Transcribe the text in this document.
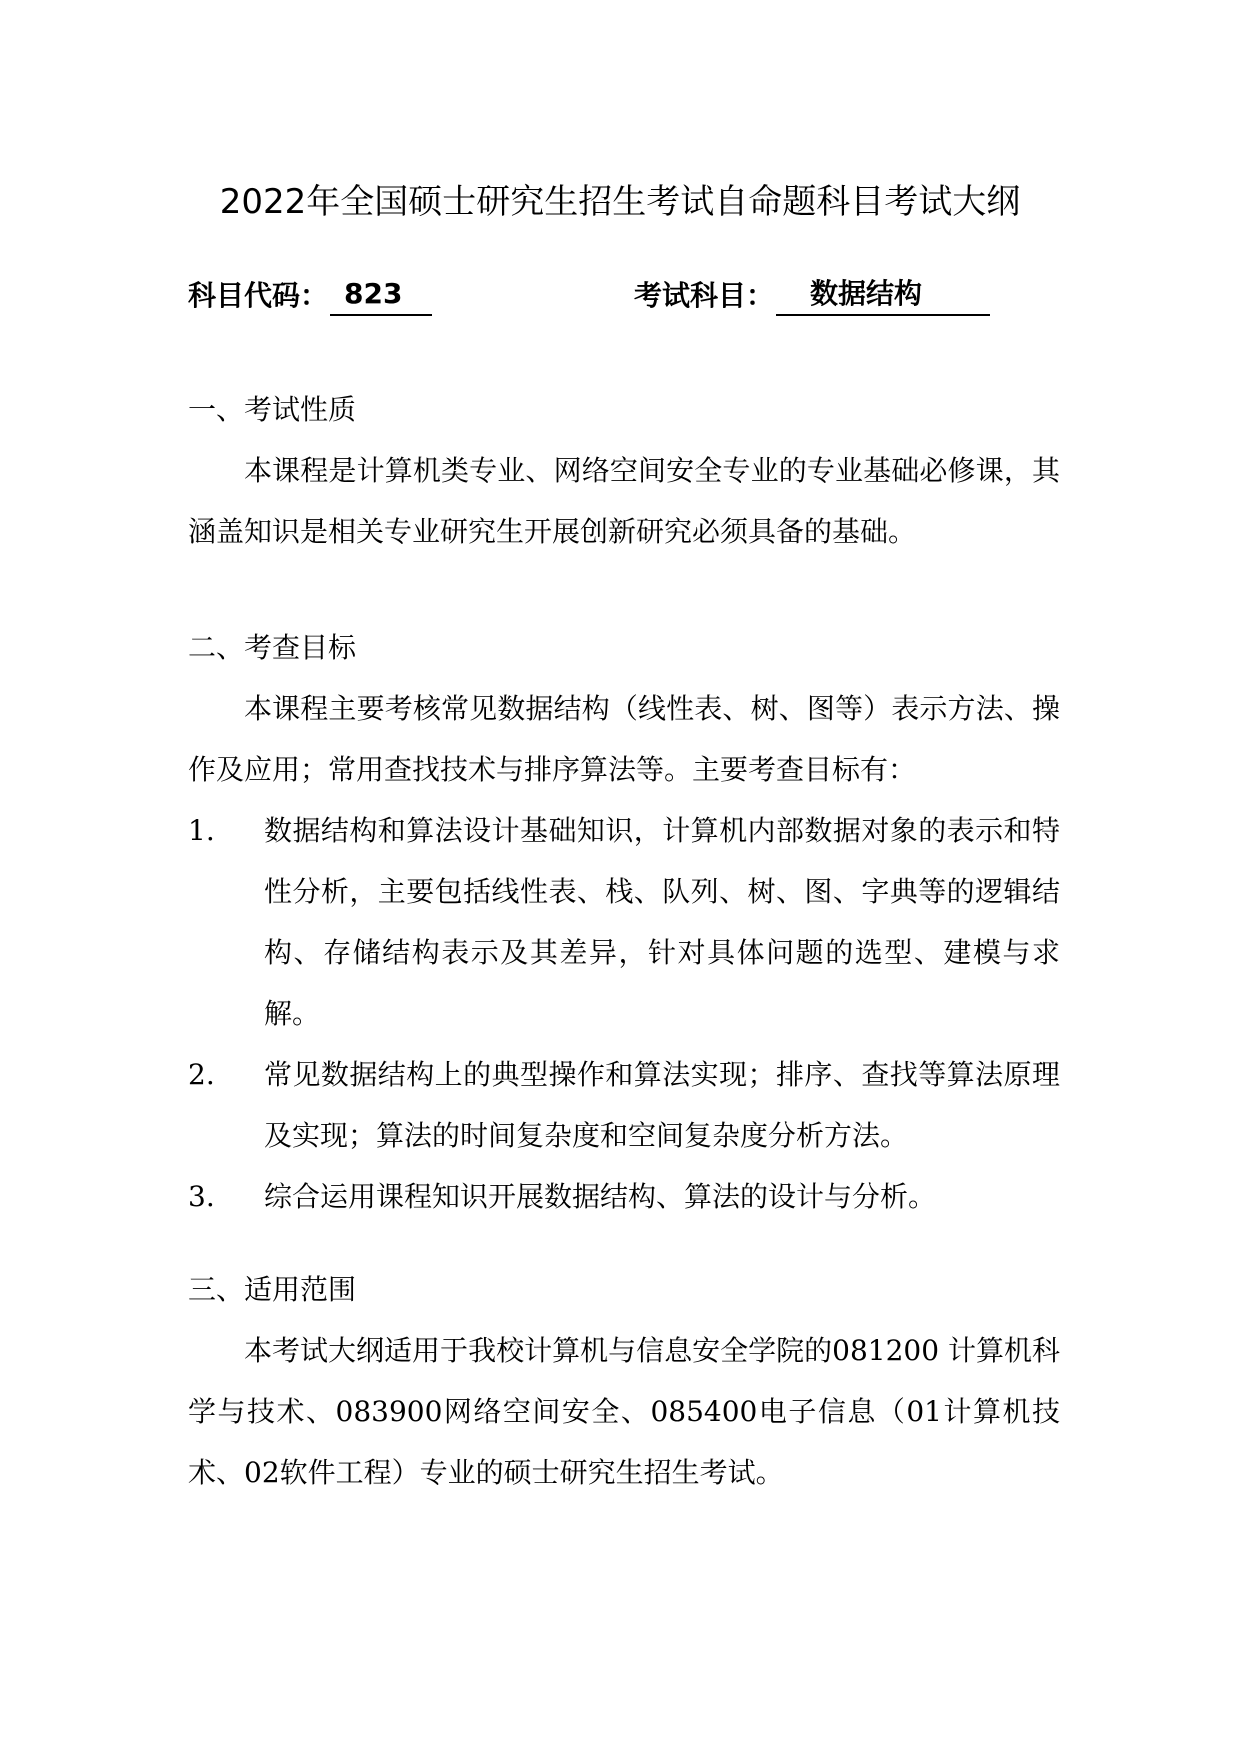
2022年全国硕士研究生招生考试自命题科目考试大纲
科目代码： 823	考试科目：	数据结构
一、考试性质
本课程是计算机类专业、网络空间安全专业的专业基础必修课，其涵盖知识是相关专业研究生开展创新研究必须具备的基础。
二、考查目标
本课程主要考核常见数据结构（线性表、树、图等）表示方法、操作及应用；常用查找技术与排序算法等。主要考查目标有：
1.	数据结构和算法设计基础知识，计算机内部数据对象的表示和特性分析，主要包括线性表、栈、队列、树、图、字典等的逻辑结构、存储结构表示及其差异，针对具体问题的选型、建模与求解。
2.	常见数据结构上的典型操作和算法实现；排序、查找等算法原理及实现；算法的时间复杂度和空间复杂度分析方法。
3.	综合运用课程知识开展数据结构、算法的设计与分析。
三、适用范围
本考试大纲适用于我校计算机与信息安全学院的081200 计算机科学与技术、083900网络空间安全、085400电子信息（01计算机技术、02软件工程）专业的硕士研究生招生考试。
